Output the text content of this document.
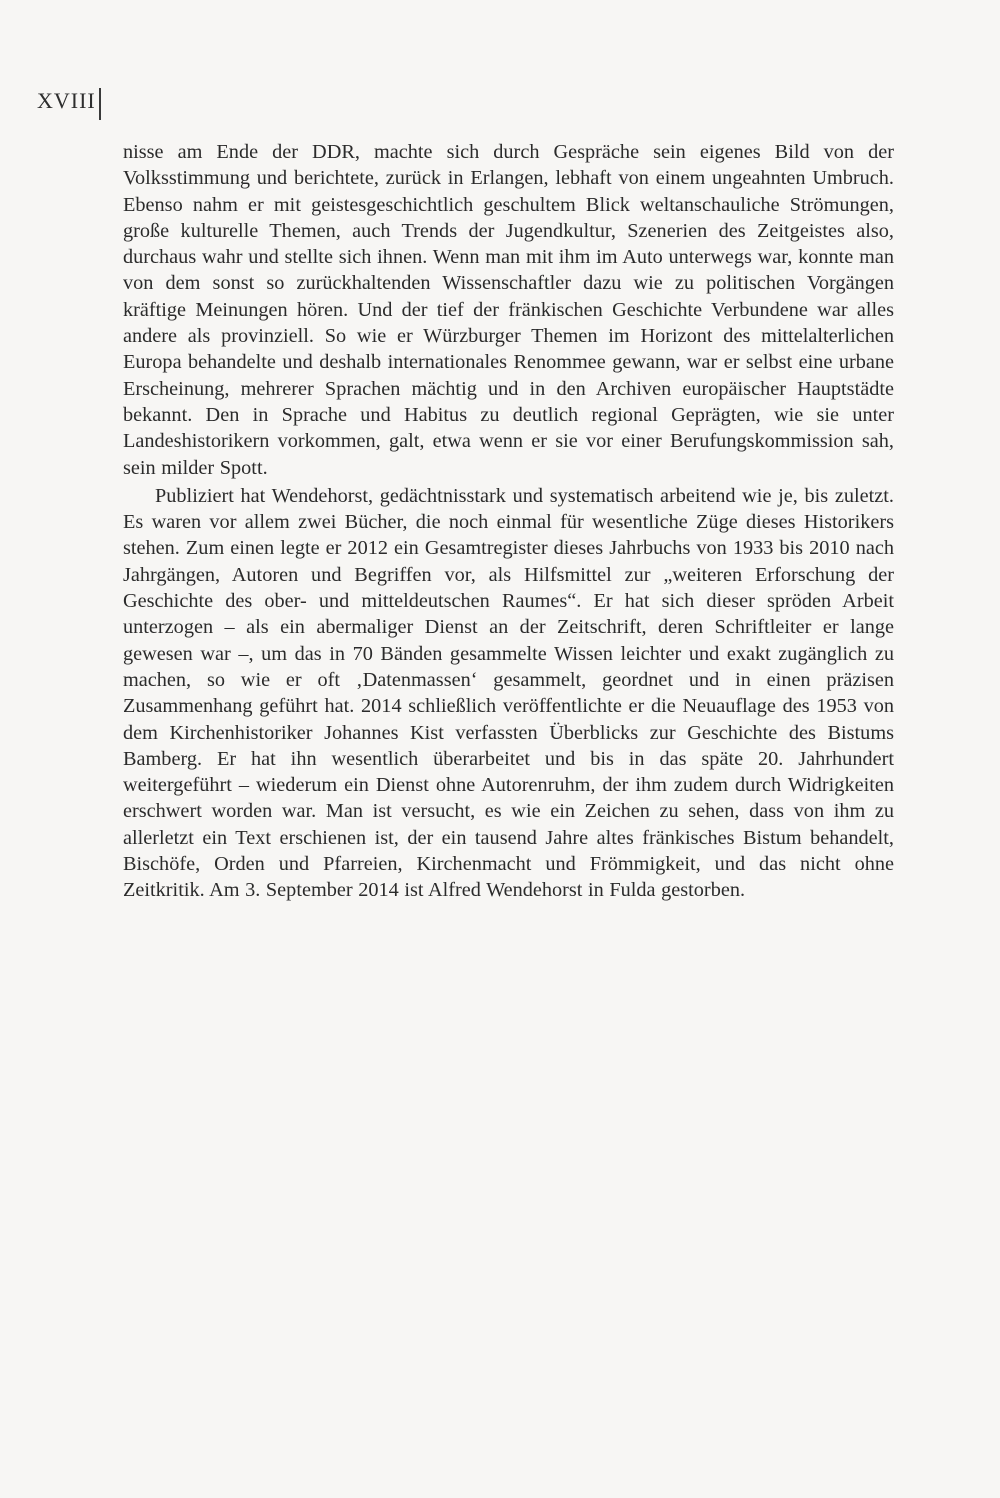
XVIII

nisse am Ende der DDR, machte sich durch Gespräche sein eigenes Bild von der Volksstimmung und berichtete, zurück in Erlangen, lebhaft von einem ungeahnten Umbruch. Ebenso nahm er mit geistesgeschichtlich geschultem Blick weltanschauliche Strömungen, große kulturelle Themen, auch Trends der Jugendkultur, Szenerien des Zeitgeistes also, durchaus wahr und stellte sich ihnen. Wenn man mit ihm im Auto unterwegs war, konnte man von dem sonst so zurückhaltenden Wissenschaftler dazu wie zu politischen Vorgängen kräftige Meinungen hören. Und der tief der fränkischen Geschichte Verbundene war alles andere als provinziell. So wie er Würzburger Themen im Horizont des mittelalterlichen Europa behandelte und deshalb internationales Renommee gewann, war er selbst eine urbane Erscheinung, mehrerer Sprachen mächtig und in den Archiven europäischer Hauptstädte bekannt. Den in Sprache und Habitus zu deutlich regional Geprägten, wie sie unter Landeshistorikern vorkommen, galt, etwa wenn er sie vor einer Berufungskommission sah, sein milder Spott.

Publiziert hat Wendehorst, gedächtnisstark und systematisch arbeitend wie je, bis zuletzt. Es waren vor allem zwei Bücher, die noch einmal für wesentliche Züge dieses Historikers stehen. Zum einen legte er 2012 ein Gesamtregister dieses Jahrbuchs von 1933 bis 2010 nach Jahrgängen, Autoren und Begriffen vor, als Hilfsmittel zur „weiteren Erforschung der Geschichte des ober- und mitteldeutschen Raumes“. Er hat sich dieser spröden Arbeit unterzogen – als ein abermaliger Dienst an der Zeitschrift, deren Schriftleiter er lange gewesen war –, um das in 70 Bänden gesammelte Wissen leichter und exakt zugänglich zu machen, so wie er oft ‚Datenmassen‘ gesammelt, geordnet und in einen präzisen Zusammenhang geführt hat. 2014 schließlich veröffentlichte er die Neuauflage des 1953 von dem Kirchenhistoriker Johannes Kist verfassten Überblicks zur Geschichte des Bistums Bamberg. Er hat ihn wesentlich überarbeitet und bis in das späte 20. Jahrhundert weitergeführt – wiederum ein Dienst ohne Autorenruhm, der ihm zudem durch Widrigkeiten erschwert worden war. Man ist versucht, es wie ein Zeichen zu sehen, dass von ihm zu allerletzt ein Text erschienen ist, der ein tausend Jahre altes fränkisches Bistum behandelt, Bischöfe, Orden und Pfarreien, Kirchenmacht und Frömmigkeit, und das nicht ohne Zeitkritik. Am 3. September 2014 ist Alfred Wendehorst in Fulda gestorben.
